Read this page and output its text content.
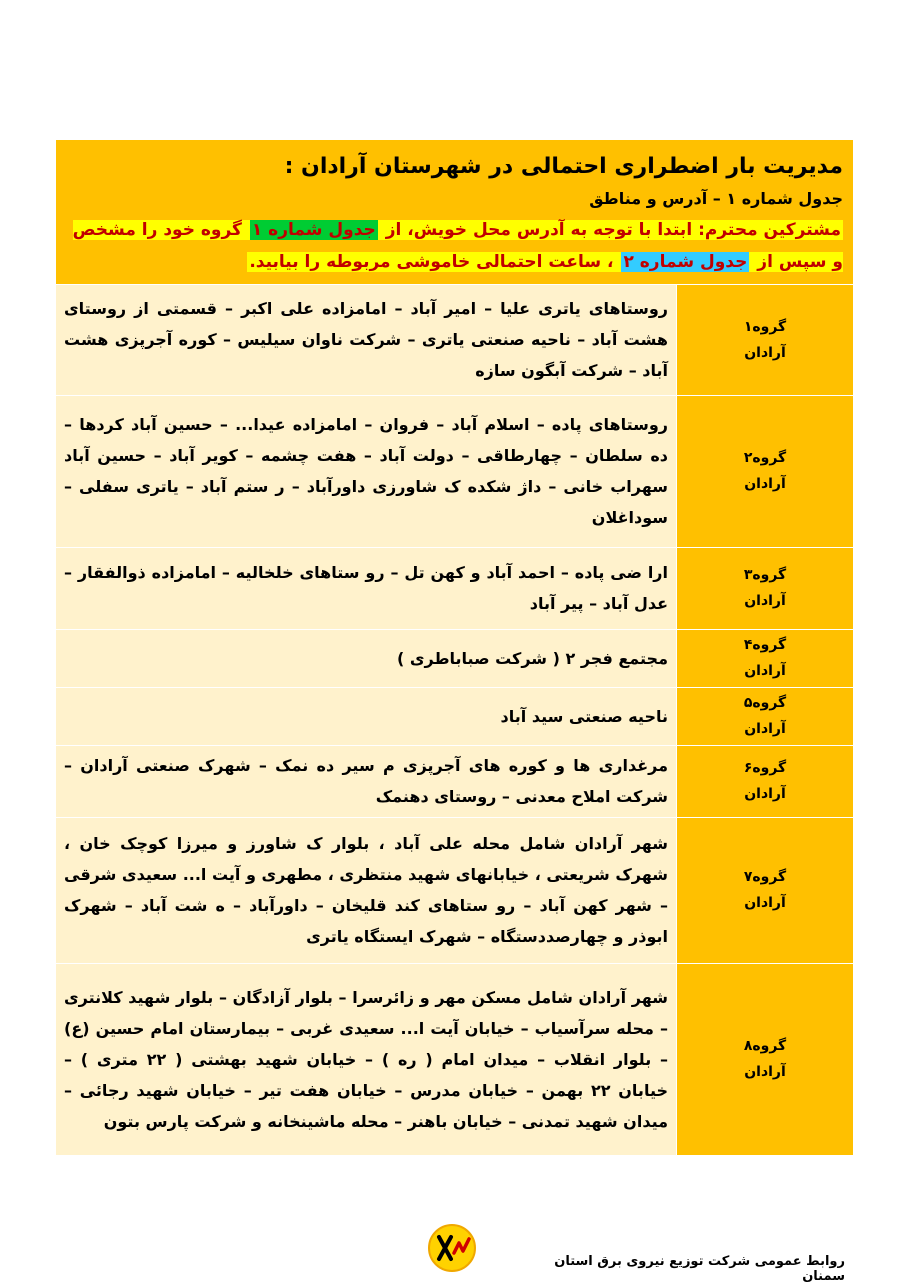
مدیریت بار اضطراری احتمالی در شهرستان آرادان :
جدول شماره ۱ – آدرس و مناطق
مشترکین محترم: ابتدا با توجه به آدرس محل خویش، از جدول شماره ۱ گروه خود را مشخص و سپس از جدول شماره ۲ ، ساعت احتمالی خاموشی مربوطه را بیابید.
گروه۱
آرادان	روستاهای یاتری علیا – امیر آباد – امامزاده علی اکبر – قسمتی از روستای هشت آباد – ناحیه صنعتی یاتری – شرکت ناوان سیلیس – کوره آجرپزی هشت آباد – شرکت آبگون سازه

گروه۲
آرادان	روستاهای پاده – اسلام آباد – فروان – امامزاده عیدا... – حسین آباد کردها – ده سلطان – چهارطاقی – دولت آباد – هفت چشمه – کویر آباد – حسین آباد سهراب خانی – داژ شکده ک شاورزی داورآباد – ر ستم آباد – یاتری سفلی – سوداغلان

گروه۳
آرادان	ارا ضی پاده – احمد آباد و کهن تل – رو ستاهای خلخالیه – امامزاده ذوالفقار – عدل آباد – پیر آباد

گروه۴
آرادان	مجتمع فجر ۲ ( شرکت صباباطری )

گروه۵
آرادان	ناحیه صنعتی سید آباد

گروه۶
آرادان	مرغداری ها و کوره های آجرپزی م سیر ده نمک – شهرک صنعتی آرادان – شرکت املاح معدنی – روستای دهنمک

گروه۷
آرادان	شهر آرادان شامل محله علی آباد ، بلوار ک شاورز و میرزا کوچک خان ، شهرک شریعتی ، خیابانهای شهید منتظری ، مطهری و آیت ا... سعیدی شرقی – شهر کهن آباد – رو ستاهای کند قلیخان – داورآباد – ه شت آباد – شهرک ابوذر و چهارصددستگاه – شهرک ایستگاه یاتری

گروه۸
آرادان	شهر آرادان شامل مسکن مهر و زائرسرا – بلوار آزادگان – بلوار شهید کلانتری – محله سرآسیاب – خیابان آیت ا... سعیدی غربی – بیمارستان امام حسین (ع) – بلوار انقلاب – میدان امام ( ره ) – خیابان شهید بهشتی ( ۲۲ متری ) – خیابان ۲۲ بهمن – خیابان مدرس – خیابان هفت تیر – خیابان شهید رجائی – میدان شهید تمدنی – خیابان باهنر – محله ماشینخانه و شرکت پارس بتون
روابط عمومی شرکت توزیع نیروی برق استان سمنان
